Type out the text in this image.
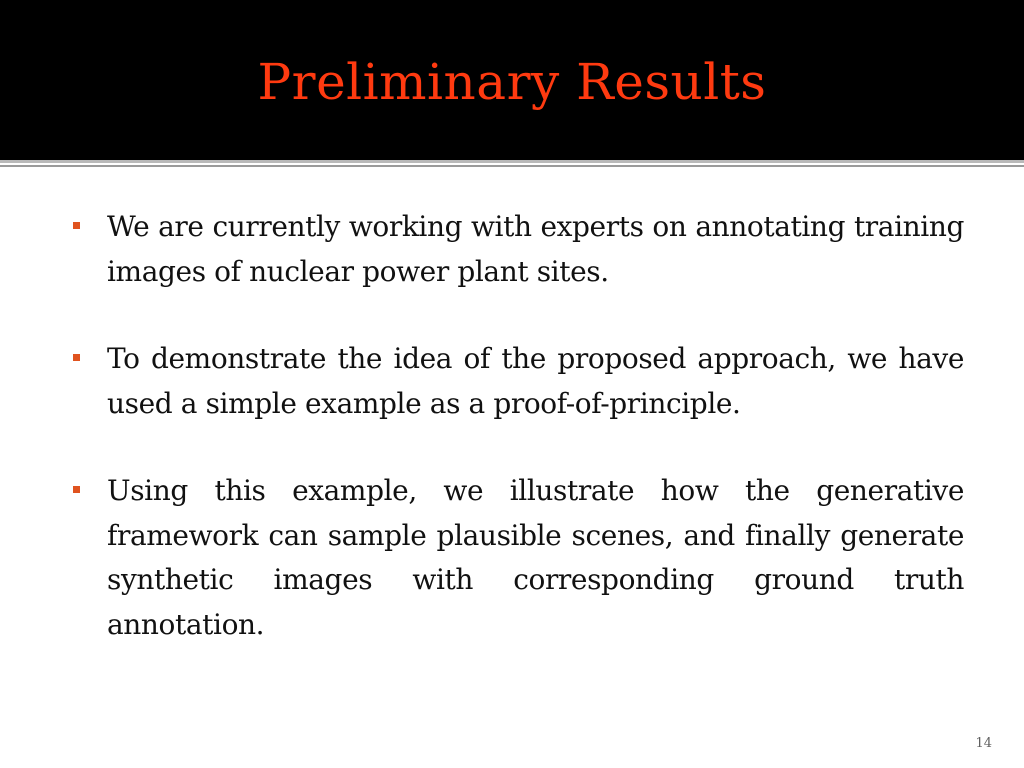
Preliminary Results
We are currently working with experts on annotating training images of nuclear power plant sites.
To demonstrate the idea of the proposed approach, we have used a simple example as a proof-of-principle.
Using this example, we illustrate how the generative framework can sample plausible scenes, and finally generate synthetic images with corresponding ground truth annotation.
14
